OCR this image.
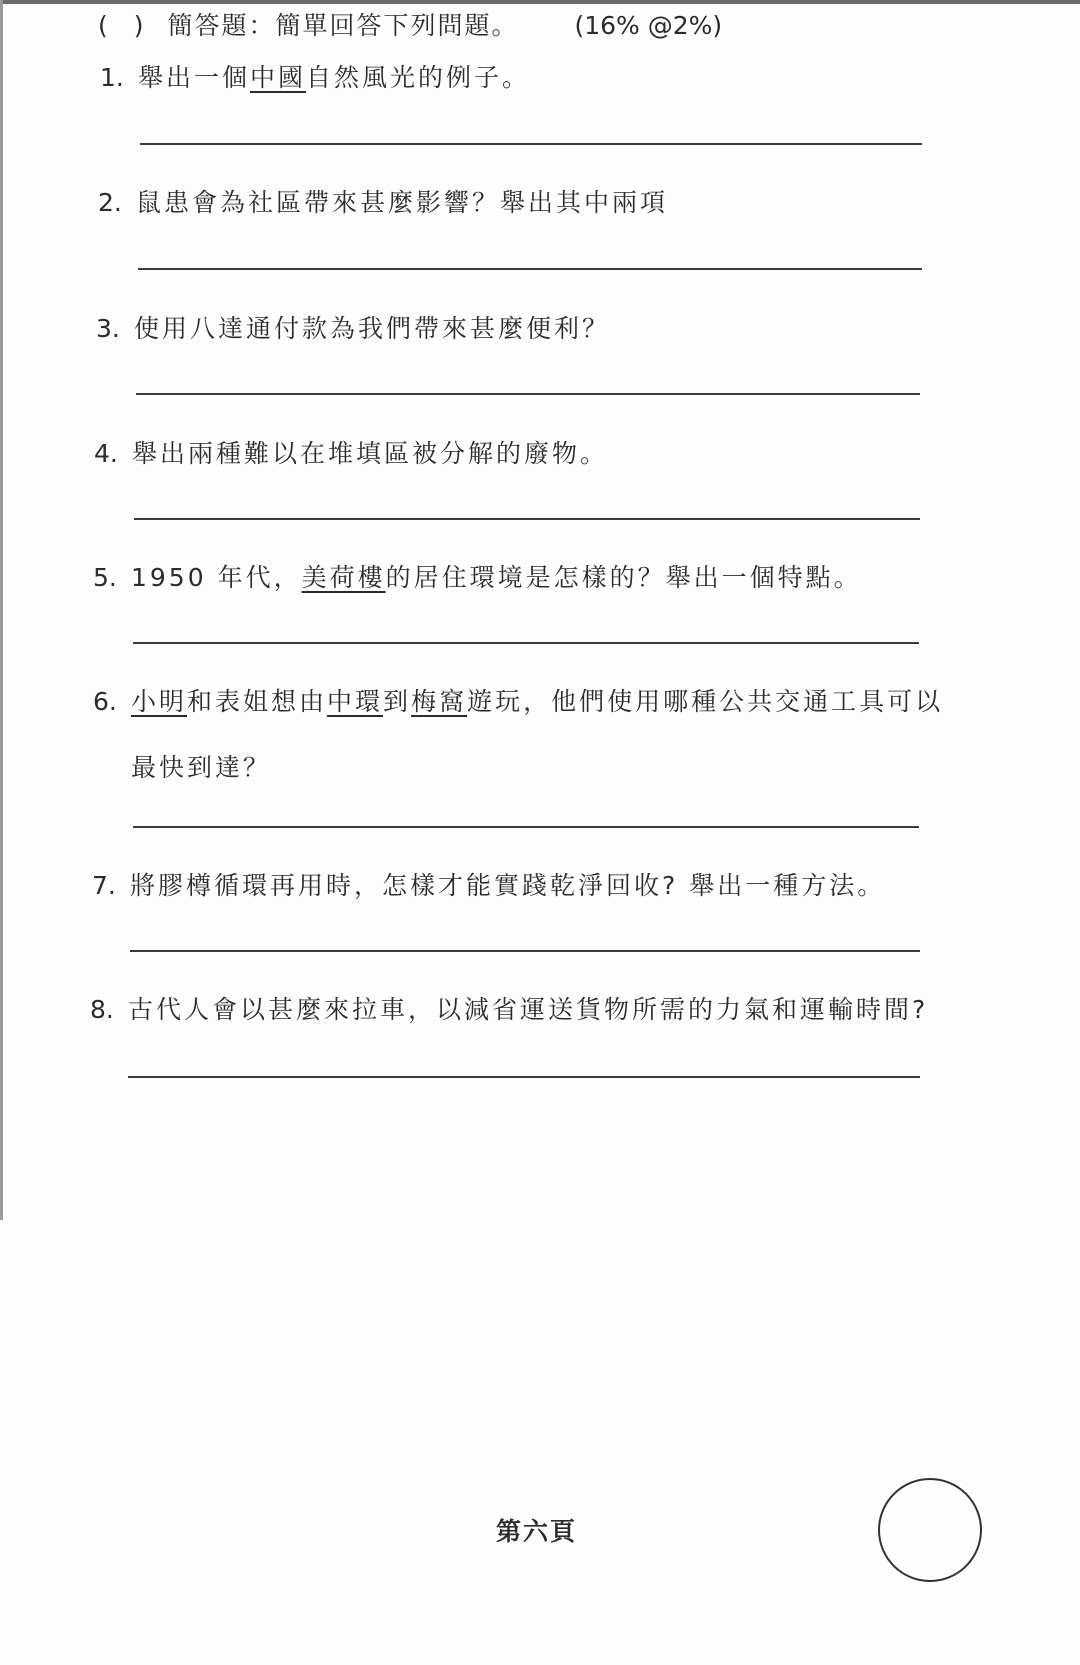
( ) 簡答題：簡單回答下列問題。 (16% @2%)
1. 舉出一個中國自然風光的例子。
2. 鼠患會為社區帶來甚麼影響？舉出其中兩項
3. 使用八達通付款為我們帶來甚麼便利？
4. 舉出兩種難以在堆填區被分解的廢物。
5. 1950 年代，美荷樓的居住環境是怎樣的？舉出一個特點。
6. 小明和表姐想由中環到梅窩遊玩，他們使用哪種公共交通工具可以
最快到達？
7. 將膠樽循環再用時，怎樣才能實踐乾淨回收? 舉出一種方法。
8. 古代人會以甚麼來拉車，以減省運送貨物所需的力氣和運輸時間?
第六頁
